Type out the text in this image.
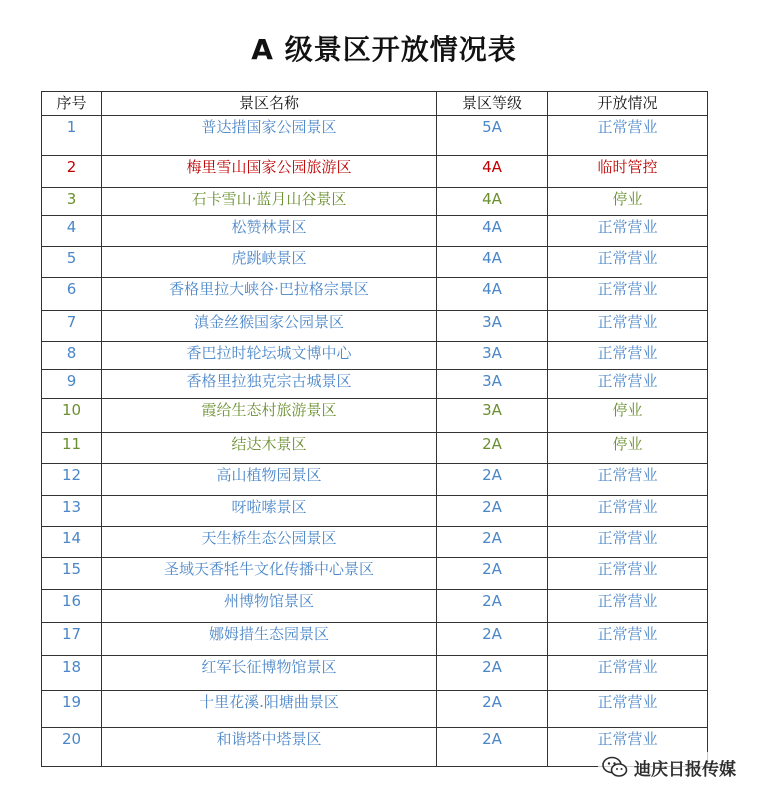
A 级景区开放情况表
序号	景区名称	景区等级	开放情况
1	普达措国家公园景区	5A	正常营业
2	梅里雪山国家公园旅游区	4A	临时管控
3	石卡雪山·蓝月山谷景区	4A	停业
4	松赞林景区	4A	正常营业
5	虎跳峡景区	4A	正常营业
6	香格里拉大峡谷·巴拉格宗景区	4A	正常营业
7	滇金丝猴国家公园景区	3A	正常营业
8	香巴拉时轮坛城文博中心	3A	正常营业
9	香格里拉独克宗古城景区	3A	正常营业
10	霞给生态村旅游景区	3A	停业
11	结达木景区	2A	停业
12	高山植物园景区	2A	正常营业
13	呀啦嗦景区	2A	正常营业
14	天生桥生态公园景区	2A	正常营业
15	圣域天香牦牛文化传播中心景区	2A	正常营业
16	州博物馆景区	2A	正常营业
17	娜姆措生态园景区	2A	正常营业
18	红军长征博物馆景区	2A	正常营业
19	十里花溪.阳塘曲景区	2A	正常营业
20	和谐塔中塔景区	2A	正常营业
迪庆日报传媒
